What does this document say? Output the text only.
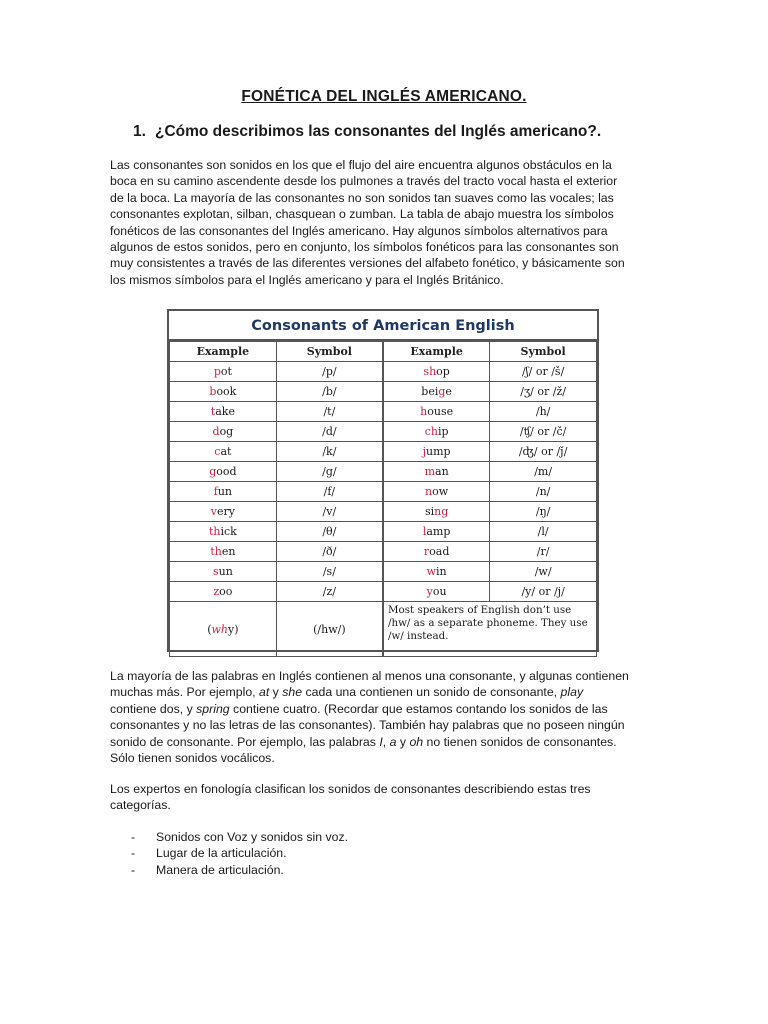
FONÉTICA DEL INGLÉS AMERICANO.
1. ¿Cómo describimos las consonantes del Inglés americano?.
Las consonantes son sonidos en los que el flujo del aire encuentra algunos obstáculos en la
boca en su camino ascendente desde los pulmones a través del tracto vocal hasta el exterior
de la boca. La mayoría de las consonantes no son sonidos tan suaves como las vocales; las
consonantes explotan, silban, chasquean o zumban. La tabla de abajo muestra los símbolos
fonéticos de las consonantes del Inglés americano. Hay algunos símbolos alternativos para
algunos de estos sonidos, pero en conjunto, los símbolos fonéticos para las consonantes son
muy consistentes a través de las diferentes versiones del alfabeto fonético, y básicamente son
los mismos símbolos para el Inglés americano y para el Inglés Británico.
Consonants of American English
Example	Symbol	Example	Symbol
pot	/p/	shop	/ʃ/ or /š/
book	/b/	beige	/ʒ/ or /ž/
take	/t/	house	/h/
dog	/d/	chip	/ʧ/ or /č/
cat	/k/	jump	/ʤ/ or /ǰ/
good	/g/	man	/m/
fun	/f/	now	/n/
very	/v/	sing	/ŋ/
thick	/θ/	lamp	/l/
then	/ð/	road	/r/
sun	/s/	win	/w/
zoo	/z/	you	/y/ or /j/
(why)	(/hw/)	Most speakers of English don’t use /hw/ as a separate phoneme. They use /w/ instead.	
La mayoría de las palabras en Inglés contienen al menos una consonante, y algunas contienen
muchas más. Por ejemplo, at y she cada una contienen un sonido de consonante, play
contiene dos, y spring contiene cuatro. (Recordar que estamos contando los sonidos de las
consonantes y no las letras de las consonantes). También hay palabras que no poseen ningún
sonido de consonante. Por ejemplo, las palabras I, a y oh no tienen sonidos de consonantes.
Sólo tienen sonidos vocálicos.
Los expertos en fonología clasifican los sonidos de consonantes describiendo estas tres
categorías.
- Sonidos con Voz y sonidos sin voz.
- Lugar de la articulación.
- Manera de articulación.
